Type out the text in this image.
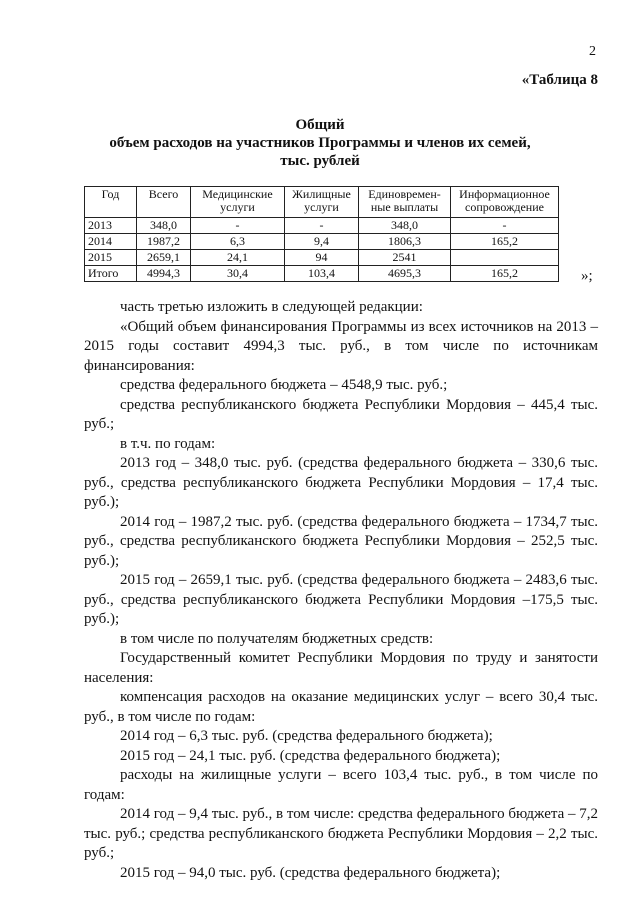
2
«Таблица 8
Общий
объем расходов на участников Программы и членов их семей,
тыс. рублей
Год	Всего	Медицинские услуги	Жилищные услуги	Единовремен-ные выплаты	Информационное сопровождение
2013	348,0	-	-	348,0	-
2014	1987,2	6,3	9,4	1806,3	165,2
2015	2659,1	24,1	94	2541	
Итого	4994,3	30,4	103,4	4695,3	165,2	»;

часть третью изложить в следующей редакции:

«Общий объем финансирования Программы из всех источников на 2013 – 2015 годы составит 4994,3 тыс. руб., в том числе по источникам финансирования:

средства федерального бюджета – 4548,9 тыс. руб.;

средства республиканского бюджета Республики Мордовия – 445,4 тыс. руб.;

в т.ч. по годам:

2013 год – 348,0 тыс. руб. (средства федерального бюджета – 330,6 тыс. руб., средства республиканского бюджета Республики Мордовия – 17,4 тыс. руб.);

2014 год – 1987,2 тыс. руб. (средства федерального бюджета – 1734,7 тыс. руб., средства республиканского бюджета Республики Мордовия – 252,5 тыс. руб.);

2015 год – 2659,1 тыс. руб. (средства федерального бюджета – 2483,6 тыс. руб., средства республиканского бюджета Республики Мордовия –175,5 тыс. руб.);

в том числе по получателям бюджетных средств:

Государственный комитет Республики Мордовия по труду и занятости населения:

компенсация расходов на оказание медицинских услуг – всего 30,4 тыс. руб., в том числе по годам:

2014 год – 6,3 тыс. руб. (средства федерального бюджета);

2015 год – 24,1 тыс. руб. (средства федерального бюджета);

расходы на жилищные услуги – всего 103,4 тыс. руб., в том числе по годам:

2014 год – 9,4 тыс. руб., в том числе: средства федерального бюджета – 7,2 тыс. руб.; средства республиканского бюджета Республики Мордовия – 2,2 тыс. руб.;

2015 год – 94,0 тыс. руб. (средства федерального бюджета);
